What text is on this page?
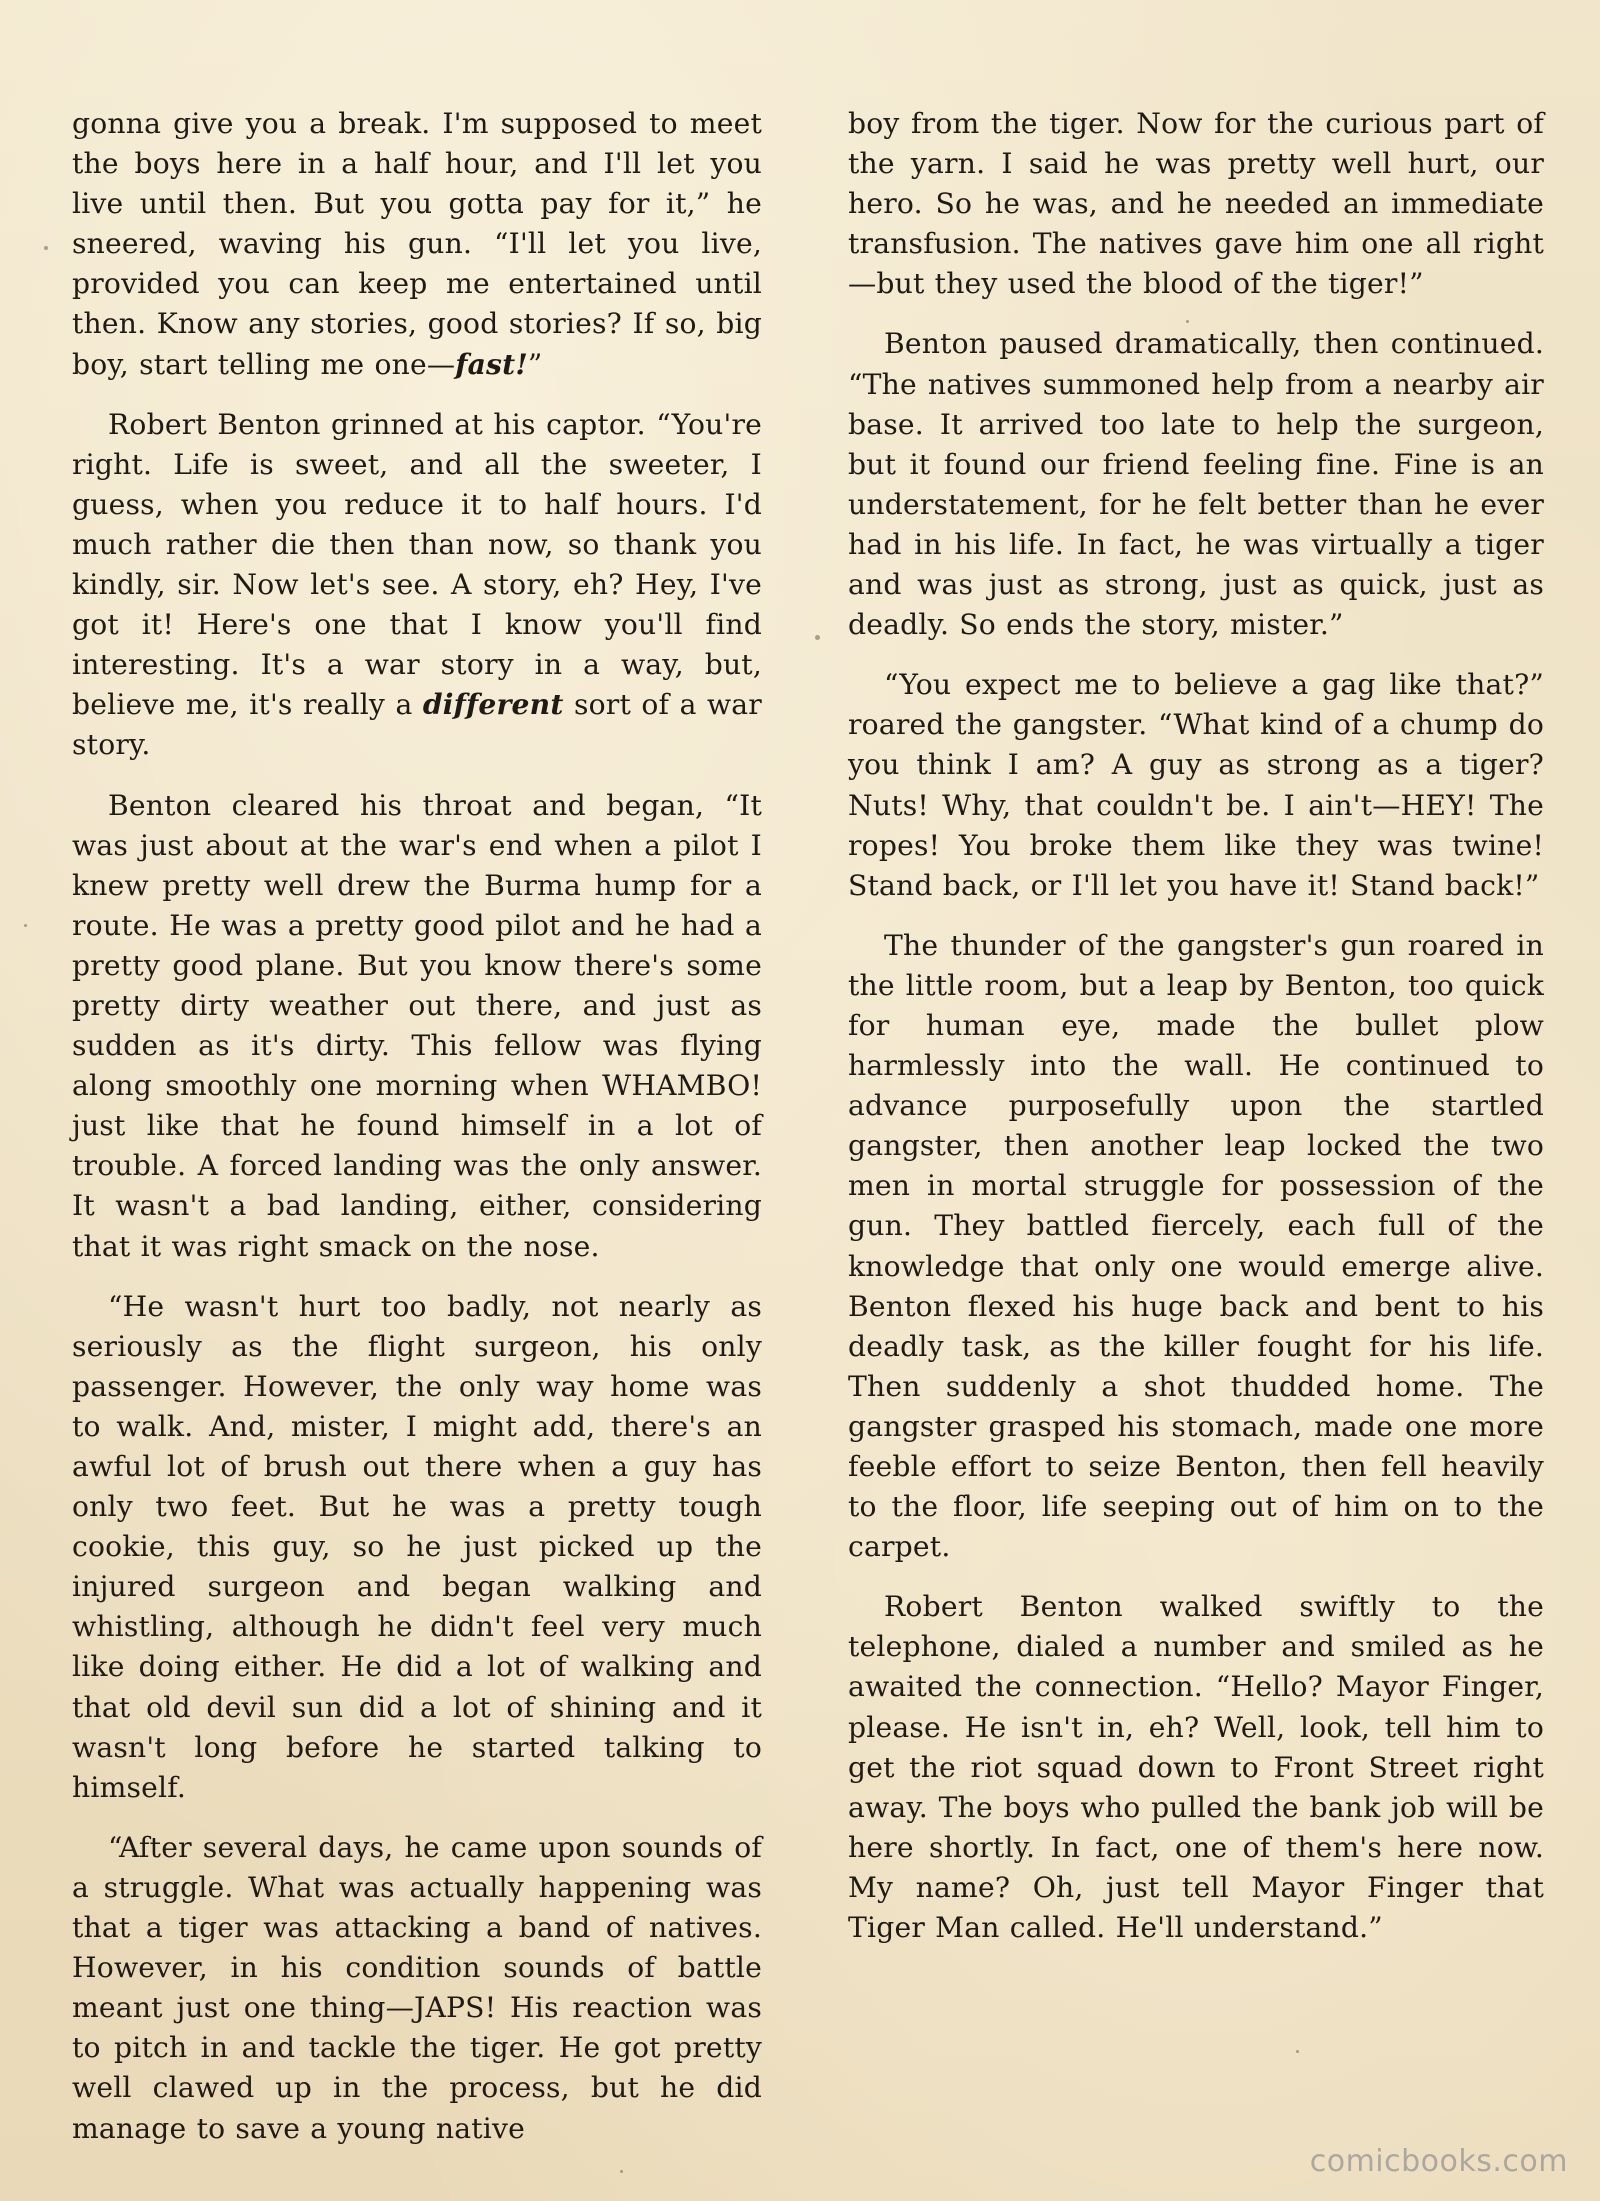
gonna give you a break. I'm supposed to meet the boys here in a half hour, and I'll let you live until then. But you gotta pay for it,” he sneered, waving his gun. “I'll let you live, provided you can keep me entertained until then. Know any stories, good stories? If so, big boy, start telling me one—fast!”

Robert Benton grinned at his captor. “You're right. Life is sweet, and all the sweeter, I guess, when you reduce it to half hours. I'd much rather die then than now, so thank you kindly, sir. Now let's see. A story, eh? Hey, I've got it! Here's one that I know you'll find interesting. It's a war story in a way, but, believe me, it's really a different sort of a war story.

Benton cleared his throat and began, “It was just about at the war's end when a pilot I knew pretty well drew the Burma hump for a route. He was a pretty good pilot and he had a pretty good plane. But you know there's some pretty dirty weather out there, and just as sudden as it's dirty. This fellow was flying along smoothly one morning when WHAMBO! just like that he found himself in a lot of trouble. A forced landing was the only answer. It wasn't a bad landing, either, considering that it was right smack on the nose.

“He wasn't hurt too badly, not nearly as seriously as the flight surgeon, his only passenger. However, the only way home was to walk. And, mister, I might add, there's an awful lot of brush out there when a guy has only two feet. But he was a pretty tough cookie, this guy, so he just picked up the injured surgeon and began walking and whistling, although he didn't feel very much like doing either. He did a lot of walking and that old devil sun did a lot of shining and it wasn't long before he started talking to himself.

“After several days, he came upon sounds of a struggle. What was actually happening was that a tiger was attacking a band of natives. However, in his condition sounds of battle meant just one thing—JAPS! His reaction was to pitch in and tackle the tiger. He got pretty well clawed up in the process, but he did manage to save a young native

boy from the tiger. Now for the curious part of the yarn. I said he was pretty well hurt, our hero. So he was, and he needed an immediate transfusion. The natives gave him one all right—but they used the blood of the tiger!”

Benton paused dramatically, then continued. “The natives summoned help from a nearby air base. It arrived too late to help the surgeon, but it found our friend feeling fine. Fine is an understatement, for he felt better than he ever had in his life. In fact, he was virtually a tiger and was just as strong, just as quick, just as deadly. So ends the story, mister.”

“You expect me to believe a gag like that?” roared the gangster. “What kind of a chump do you think I am? A guy as strong as a tiger? Nuts! Why, that couldn't be. I ain't—HEY! The ropes! You broke them like they was twine! Stand back, or I'll let you have it! Stand back!”

The thunder of the gangster's gun roared in the little room, but a leap by Benton, too quick for human eye, made the bullet plow harmlessly into the wall. He continued to advance purposefully upon the startled gangster, then another leap locked the two men in mortal struggle for possession of the gun. They battled fiercely, each full of the knowledge that only one would emerge alive. Benton flexed his huge back and bent to his deadly task, as the killer fought for his life. Then suddenly a shot thudded home. The gangster grasped his stomach, made one more feeble effort to seize Benton, then fell heavily to the floor, life seeping out of him on to the carpet.

Robert Benton walked swiftly to the telephone, dialed a number and smiled as he awaited the connection. “Hello? Mayor Finger, please. He isn't in, eh? Well, look, tell him to get the riot squad down to Front Street right away. The boys who pulled the bank job will be here shortly. In fact, one of them's here now. My name? Oh, just tell Mayor Finger that Tiger Man called. He'll understand.”

comicbooks.com
